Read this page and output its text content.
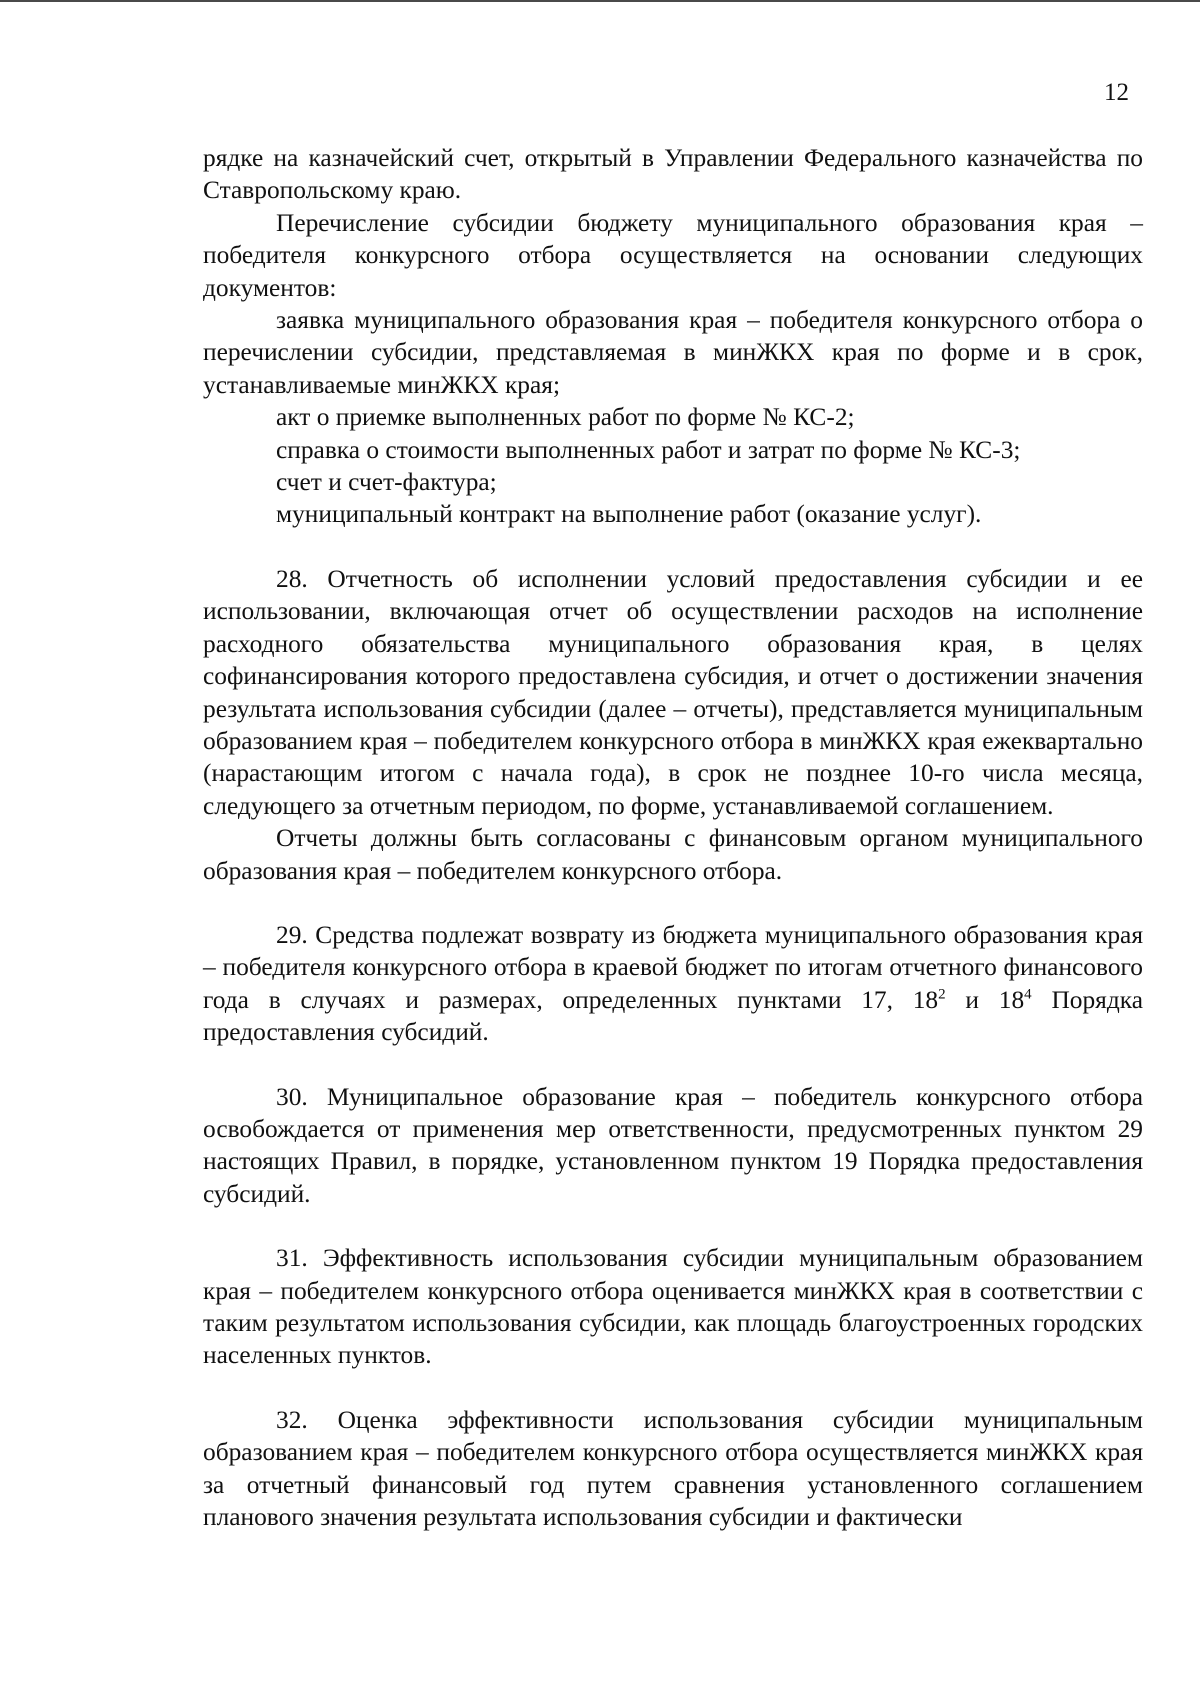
12

рядке на казначейский счет, открытый в Управлении Федерального казначейства по Ставропольскому краю.

Перечисление субсидии бюджету муниципального образования края – победителя конкурсного отбора осуществляется на основании следующих документов:

заявка муниципального образования края – победителя конкурсного отбора о перечислении субсидии, представляемая в минЖКХ края по форме и в срок, устанавливаемые минЖКХ края;

акт о приемке выполненных работ по форме № КС-2;

справка о стоимости выполненных работ и затрат по форме № КС-3;

счет и счет-фактура;

муниципальный контракт на выполнение работ (оказание услуг).

28. Отчетность об исполнении условий предоставления субсидии и ее использовании, включающая отчет об осуществлении расходов на исполнение расходного обязательства муниципального образования края, в целях софинансирования которого предоставлена субсидия, и отчет о достижении значения результата использования субсидии (далее – отчеты), представляется муниципальным образованием края – победителем конкурсного отбора в минЖКХ края ежеквартально (нарастающим итогом с начала года), в срок не позднее 10-го числа месяца, следующего за отчетным периодом, по форме, устанавливаемой соглашением.

Отчеты должны быть согласованы с финансовым органом муниципального образования края – победителем конкурсного отбора.

29. Средства подлежат возврату из бюджета муниципального образования края – победителя конкурсного отбора в краевой бюджет по итогам отчетного финансового года в случаях и размерах, определенных пунктами 17, $18^2$ и $18^4$ Порядка предоставления субсидий.

30. Муниципальное образование края – победитель конкурсного отбора освобождается от применения мер ответственности, предусмотренных пунктом 29 настоящих Правил, в порядке, установленном пунктом 19 Порядка предоставления субсидий.

31. Эффективность использования субсидии муниципальным образованием края – победителем конкурсного отбора оценивается минЖКХ края в соответствии с таким результатом использования субсидии, как площадь благоустроенных городских населенных пунктов.

32. Оценка эффективности использования субсидии муниципальным образованием края – победителем конкурсного отбора осуществляется минЖКХ края за отчетный финансовый год путем сравнения установленного соглашением планового значения результата использования субсидии и фактически
